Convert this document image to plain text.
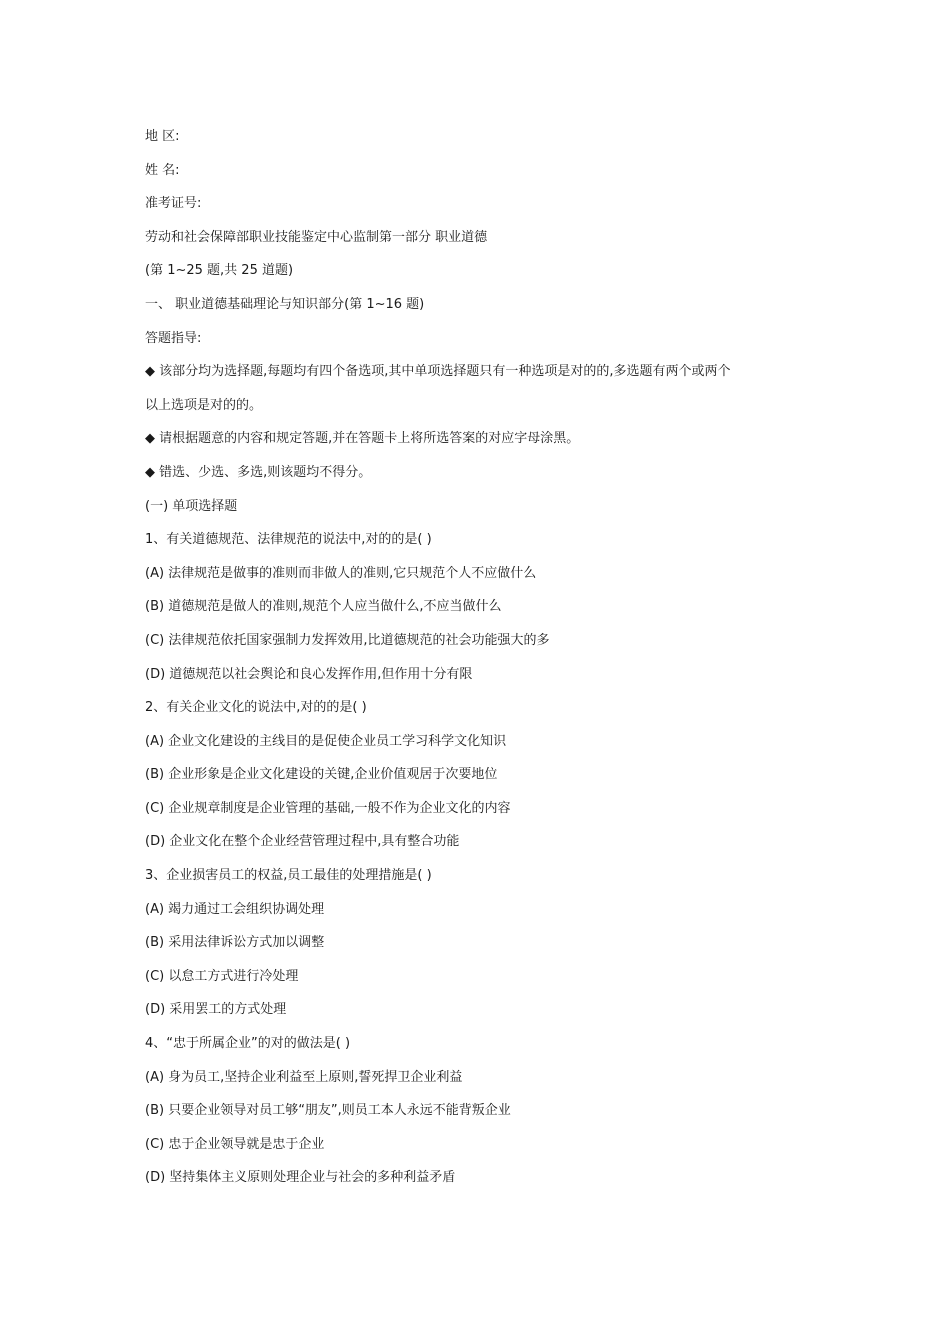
地 区:
姓 名:
准考证号:
劳动和社会保障部职业技能鉴定中心监制第一部分 职业道德
(第 1~25 题,共 25 道题)
一、 职业道德基础理论与知识部分(第 1~16 题)
答题指导:
◆ 该部分均为选择题,每题均有四个备选项,其中单项选择题只有一种选项是对的的,多选题有两个或两个
以上选项是对的的。
◆ 请根据题意的内容和规定答题,并在答题卡上将所选答案的对应字母涂黑。
◆ 错选、少选、多选,则该题均不得分。
(一) 单项选择题
1、有关道德规范、法律规范的说法中,对的的是( )
(A) 法律规范是做事的准则而非做人的准则,它只规范个人不应做什么
(B) 道德规范是做人的准则,规范个人应当做什么,不应当做什么
(C) 法律规范依托国家强制力发挥效用,比道德规范的社会功能强大的多
(D) 道德规范以社会舆论和良心发挥作用,但作用十分有限
2、有关企业文化的说法中,对的的是( )
(A) 企业文化建设的主线目的是促使企业员工学习科学文化知识
(B) 企业形象是企业文化建设的关键,企业价值观居于次要地位
(C) 企业规章制度是企业管理的基础,一般不作为企业文化的内容
(D) 企业文化在整个企业经营管理过程中,具有整合功能
3、企业损害员工的权益,员工最佳的处理措施是( )
(A) 竭力通过工会组织协调处理
(B) 采用法律诉讼方式加以调整
(C) 以怠工方式进行冷处理
(D) 采用罢工的方式处理
4、“忠于所属企业”的对的做法是( )
(A) 身为员工,坚持企业利益至上原则,誓死捍卫企业利益
(B) 只要企业领导对员工够“朋友”,则员工本人永远不能背叛企业
(C) 忠于企业领导就是忠于企业
(D) 坚持集体主义原则处理企业与社会的多种利益矛盾
